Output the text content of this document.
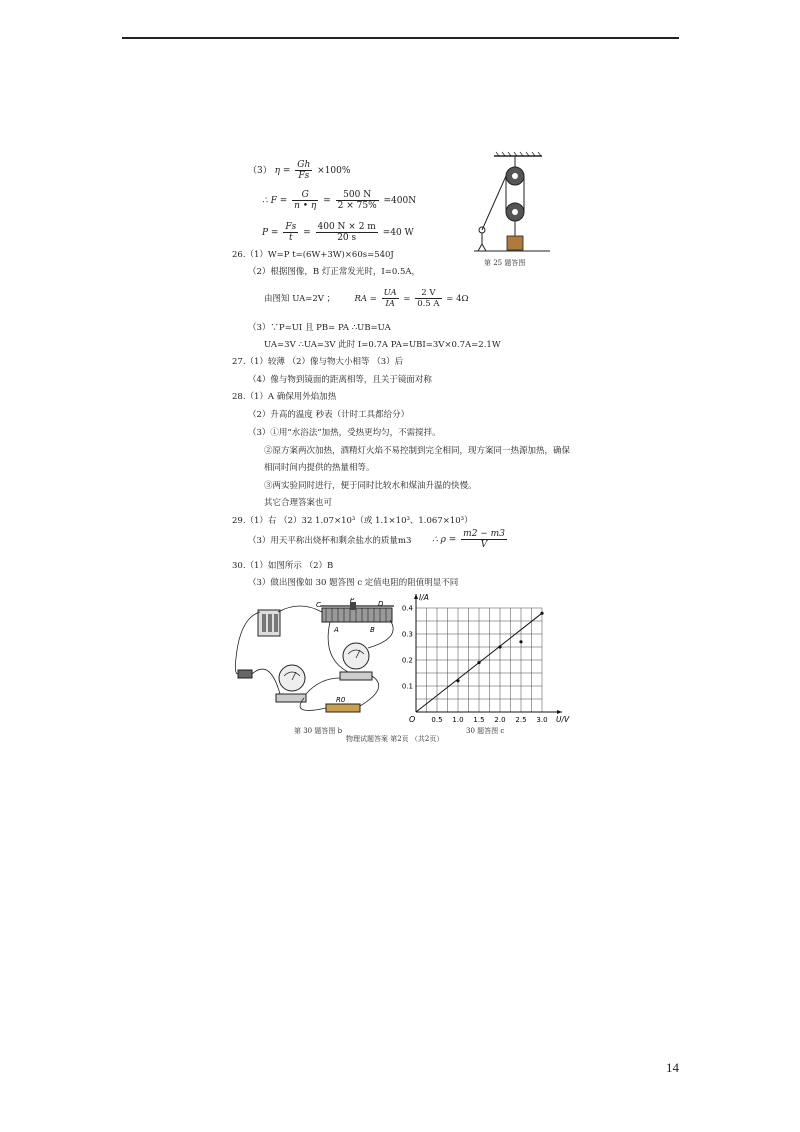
（3） $\eta = \frac{Gh}{Fs} \times 100\%$
∴ $F = \frac{G}{n • \eta} = \frac{500 N}{2 \times 75\%} =400N$
$P = \frac{Fs}{t} = \frac{400 N \times 2 m}{20 s} =40$ W
第 25 题答图
26.（1）W=P t=(6W+3W)×60s=540J
（2）根据图像，B 灯正常发光时，I=0.5A，
由图知 UA=2V ； RA = $\frac{UA}{IA} = \frac{2 V}{0.5 A} = 4\Omega$
（3）∵P=UI 且 PB= PA ∴UB=UA
UA=3V ∴UA=3V 此时 I=0.7A PA=UBI=3V×0.7A=2.1W
27.（1）较薄 （2）像与物大小相等 （3）后
（4）像与物到镜面的距离相等，且关于镜面对称
28.（1）A 确保用外焰加热
（2）升高的温度 秒表（计时工具都给分）
（3）①用“水浴法”加热，受热更均匀，不需搅拌。
②原方案两次加热，酒精灯火焰不易控制到完全相同，现方案同一热源加热，确保
相同时间内提供的热量相等。
③两实验同时进行，便于同时比较水和煤油升温的快慢。
其它合理答案也可
29.（1）右 （2）32 1.07×10³（或 1.1×10³、1.067×10³）
（3）用天平称出烧杯和剩余盐水的质量m3 ∴ $\rho = \frac{m2 - m3}{V}$
30.（1）如图所示 （2）B
（3）做出图像如 30 题答图 c 定值电阻的阻值明显不同
C
P	D
A	B
R0
第 30 题答图 b
0.5 1.0 1.5 2.0 2.5 3.0
0.1
0.2
0.3
0.4
O	U/V
I/A
30 题答图 c
物理试题答案 第2页 （共2页）
14
